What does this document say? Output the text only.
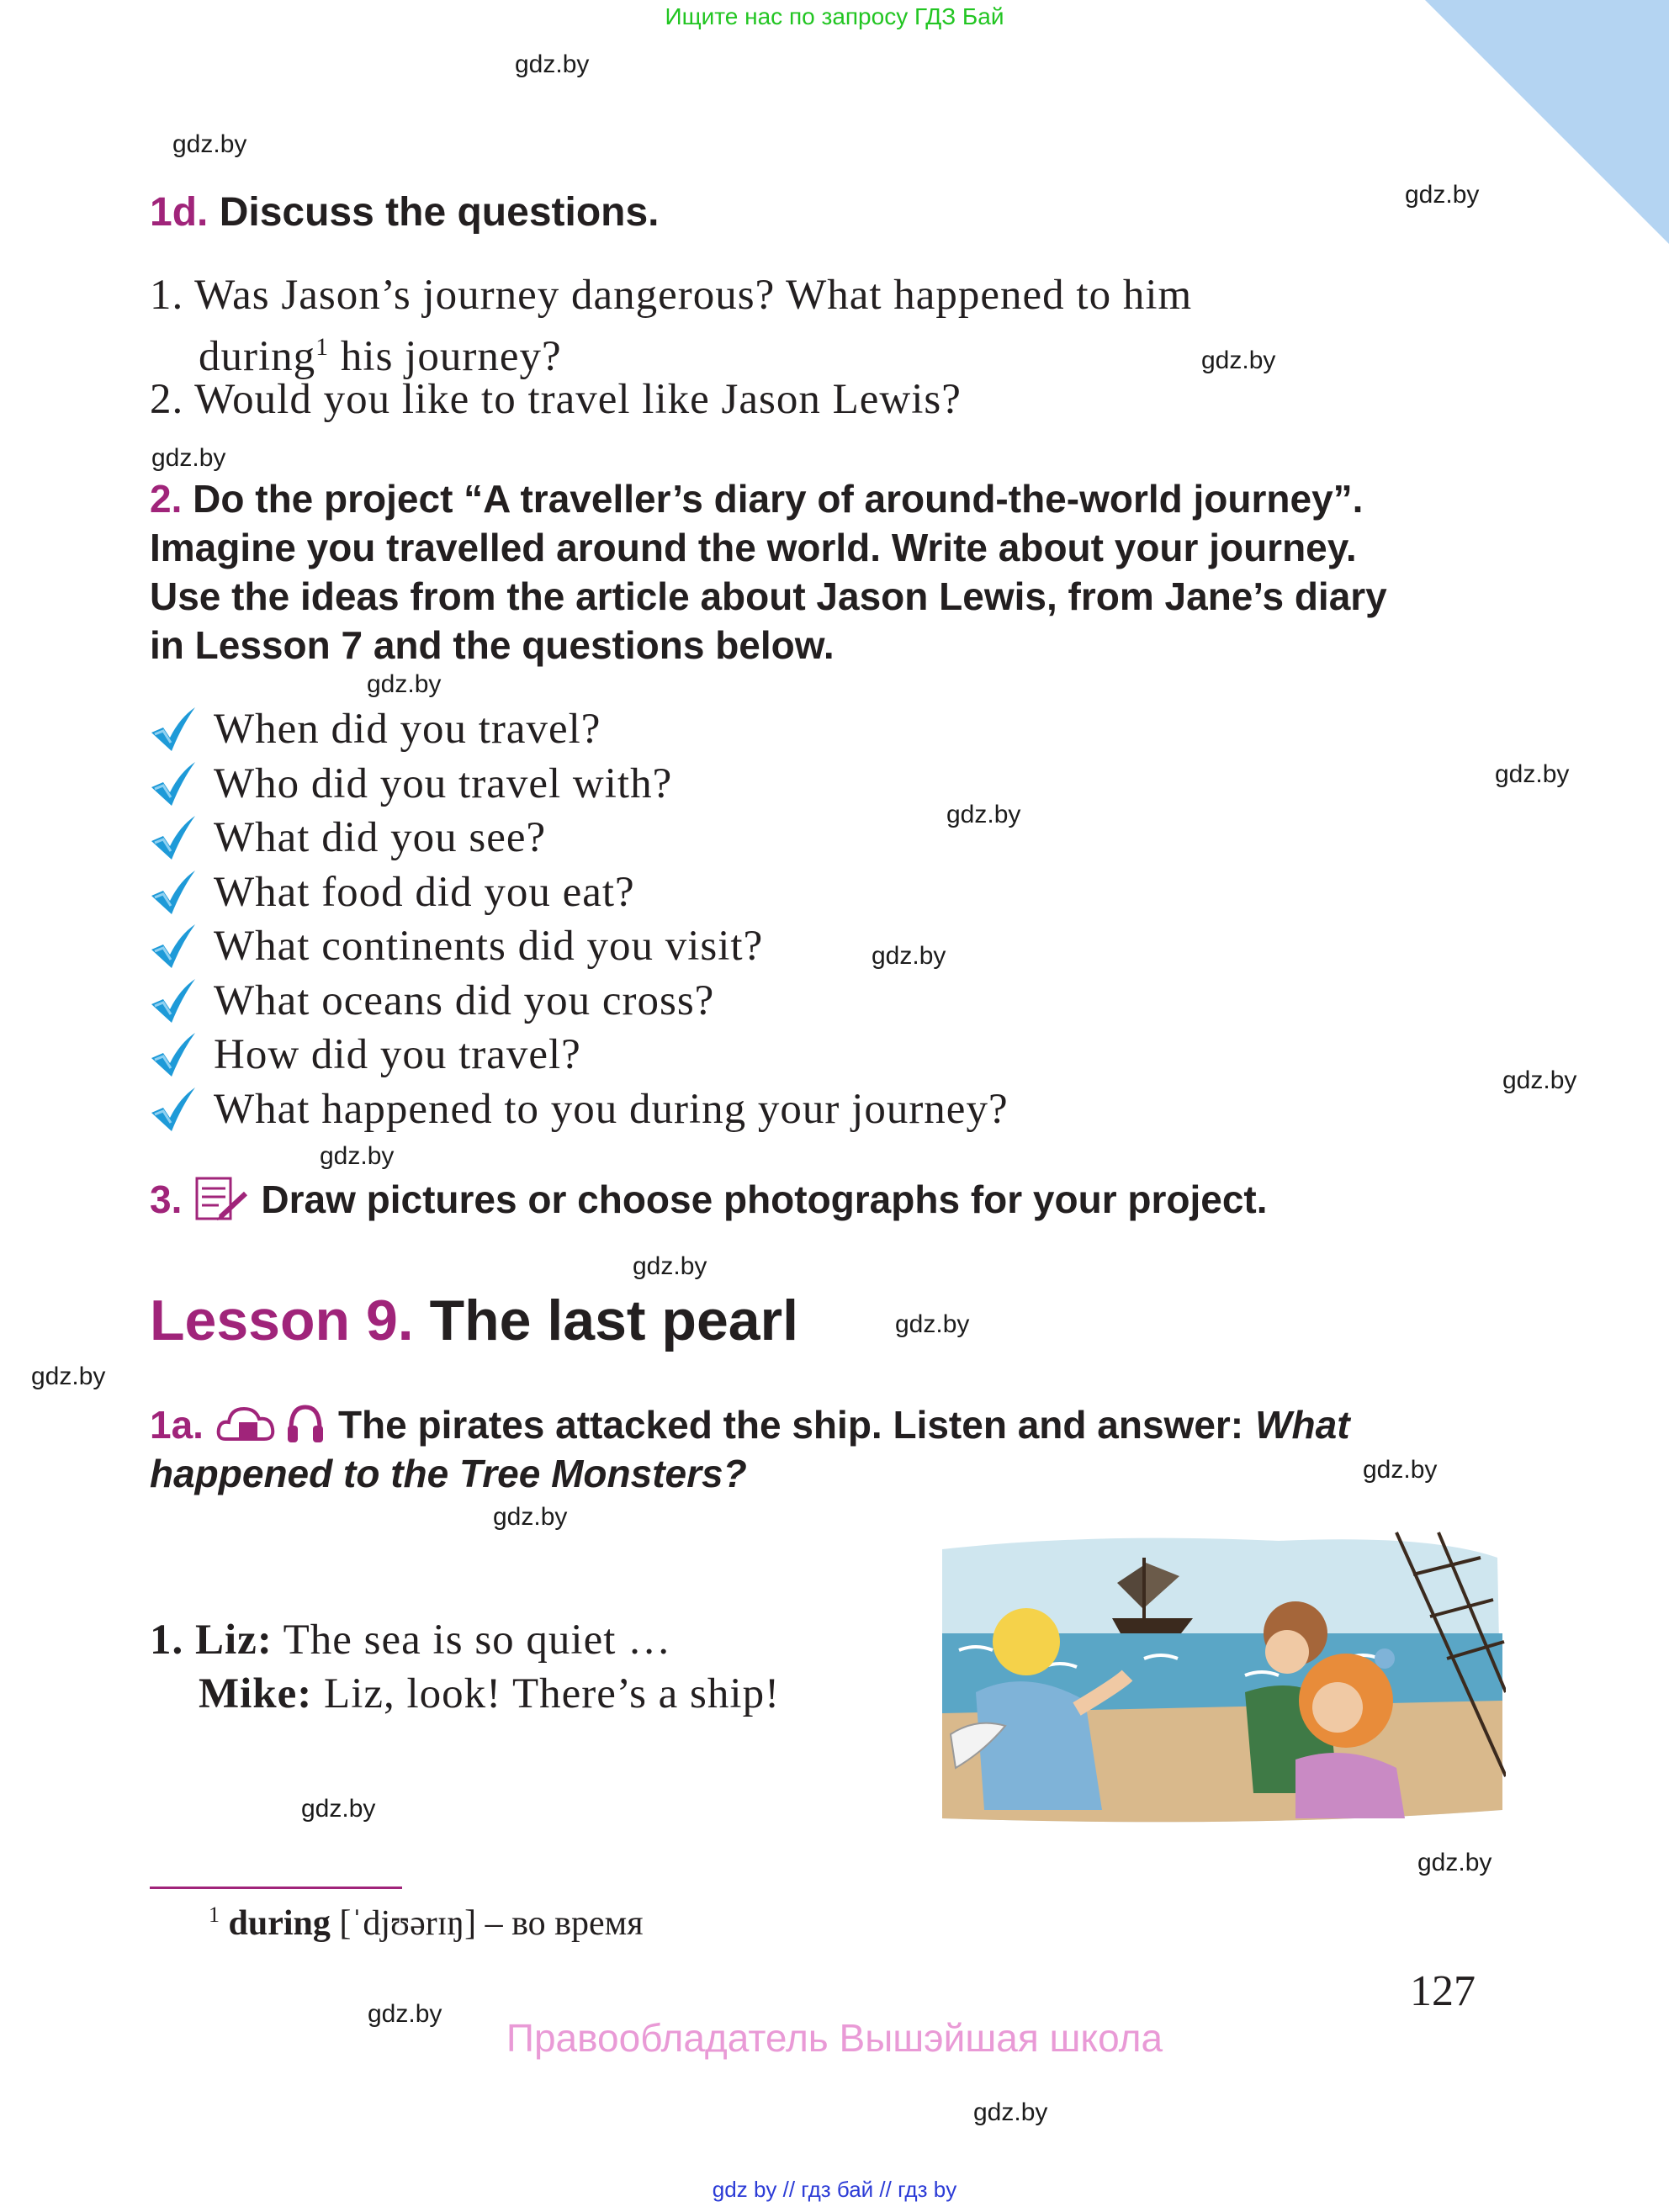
Ищите нас по запросу ГДЗ Бай
gdz.by
gdz.by
gdz.by
gdz.by
gdz.by
gdz.by
gdz.by
gdz.by
gdz.by
gdz.by
gdz.by
gdz.by
gdz.by
gdz.by
gdz.by
gdz.by
gdz.by
gdz.by
gdz.by
gdz.by
1d. Discuss the questions.
1. Was Jason’s journey dangerous? What happened to him
during$^1$ his journey?
2. Would you like to travel like Jason Lewis?
2. Do the project “A traveller’s diary of around-the-world journey”.
Imagine you travelled around the world. Write about your journey.
Use the ideas from the article about Jason Lewis, from Jane’s diary
in Lesson 7 and the questions below.
When did you travel?
Who did you travel with?
What did you see?
What food did you eat?
What continents did you visit?
What oceans did you cross?
How did you travel?
What happened to you during your journey?
3. Draw pictures or choose photographs for your project.
Lesson 9. The last pearl
1a.	The pirates attacked the ship. Listen and answer: What
happened to the Tree Monsters?
1. Liz: The sea is so quiet …
Mike: Liz, look! There’s a ship!
$^1$ during [ˈdjʊərɪŋ] – во время
127
Правообладатель Вышэйшая школа
gdz by // гдз бай // гдз by
